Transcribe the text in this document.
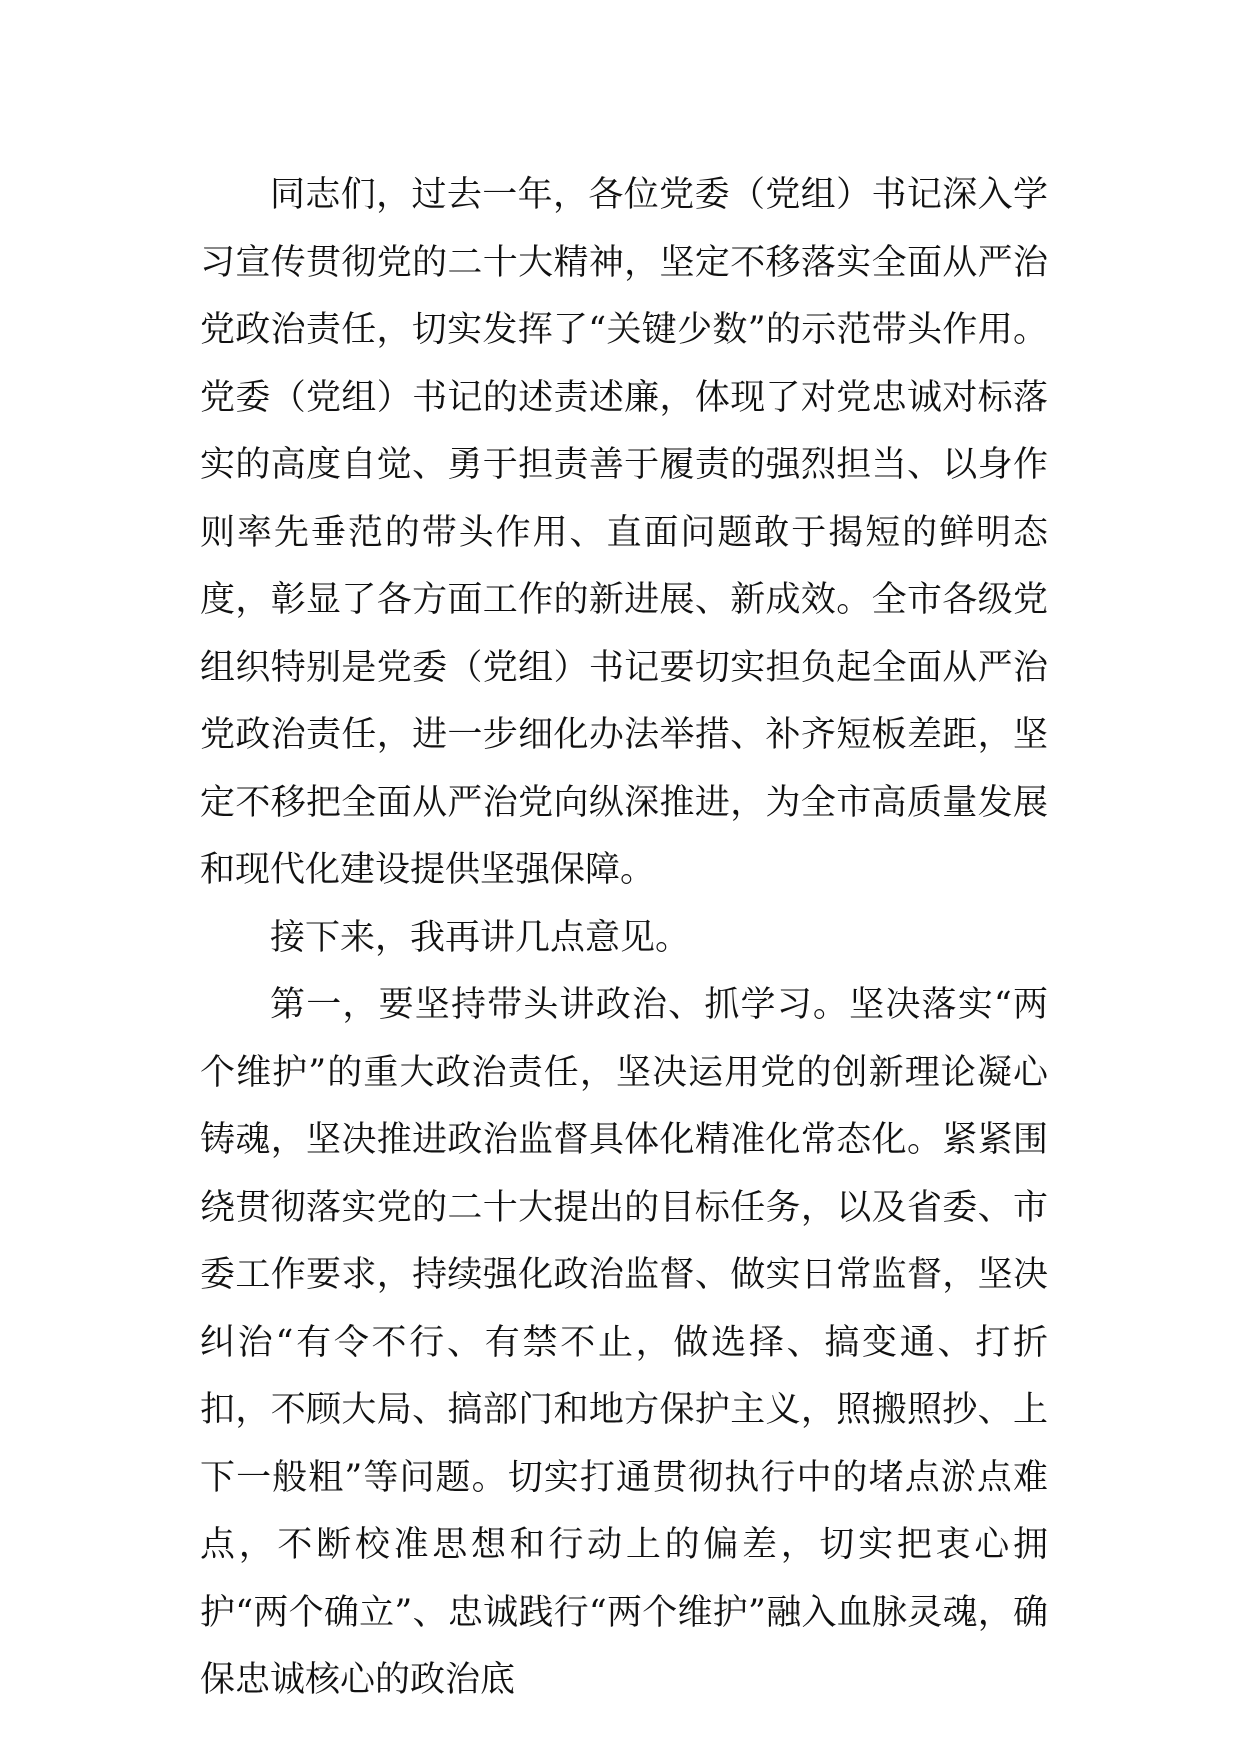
同志们，过去一年，各位党委（党组）书记深入学习宣传贯彻党的二十大精神，坚定不移落实全面从严治党政治责任，切实发挥了“关键少数”的示范带头作用。党委（党组）书记的述责述廉，体现了对党忠诚对标落实的高度自觉、勇于担责善于履责的强烈担当、以身作则率先垂范的带头作用、直面问题敢于揭短的鲜明态度，彰显了各方面工作的新进展、新成效。全市各级党组织特别是党委（党组）书记要切实担负起全面从严治党政治责任，进一步细化办法举措、补齐短板差距，坚定不移把全面从严治党向纵深推进，为全市高质量发展和现代化建设提供坚强保障。

接下来，我再讲几点意见。

第一，要坚持带头讲政治、抓学习。坚决落实“两个维护”的重大政治责任，坚决运用党的创新理论凝心铸魂，坚决推进政治监督具体化精准化常态化。紧紧围绕贯彻落实党的二十大提出的目标任务，以及省委、市委工作要求，持续强化政治监督、做实日常监督，坚决纠治“有令不行、有禁不止，做选择、搞变通、打折扣，不顾大局、搞部门和地方保护主义，照搬照抄、上下一般粗”等问题。切实打通贯彻执行中的堵点淤点难点，不断校准思想和行动上的偏差，切实把衷心拥护“两个确立”、忠诚践行“两个维护”融入血脉灵魂，确保忠诚核心的政治底
